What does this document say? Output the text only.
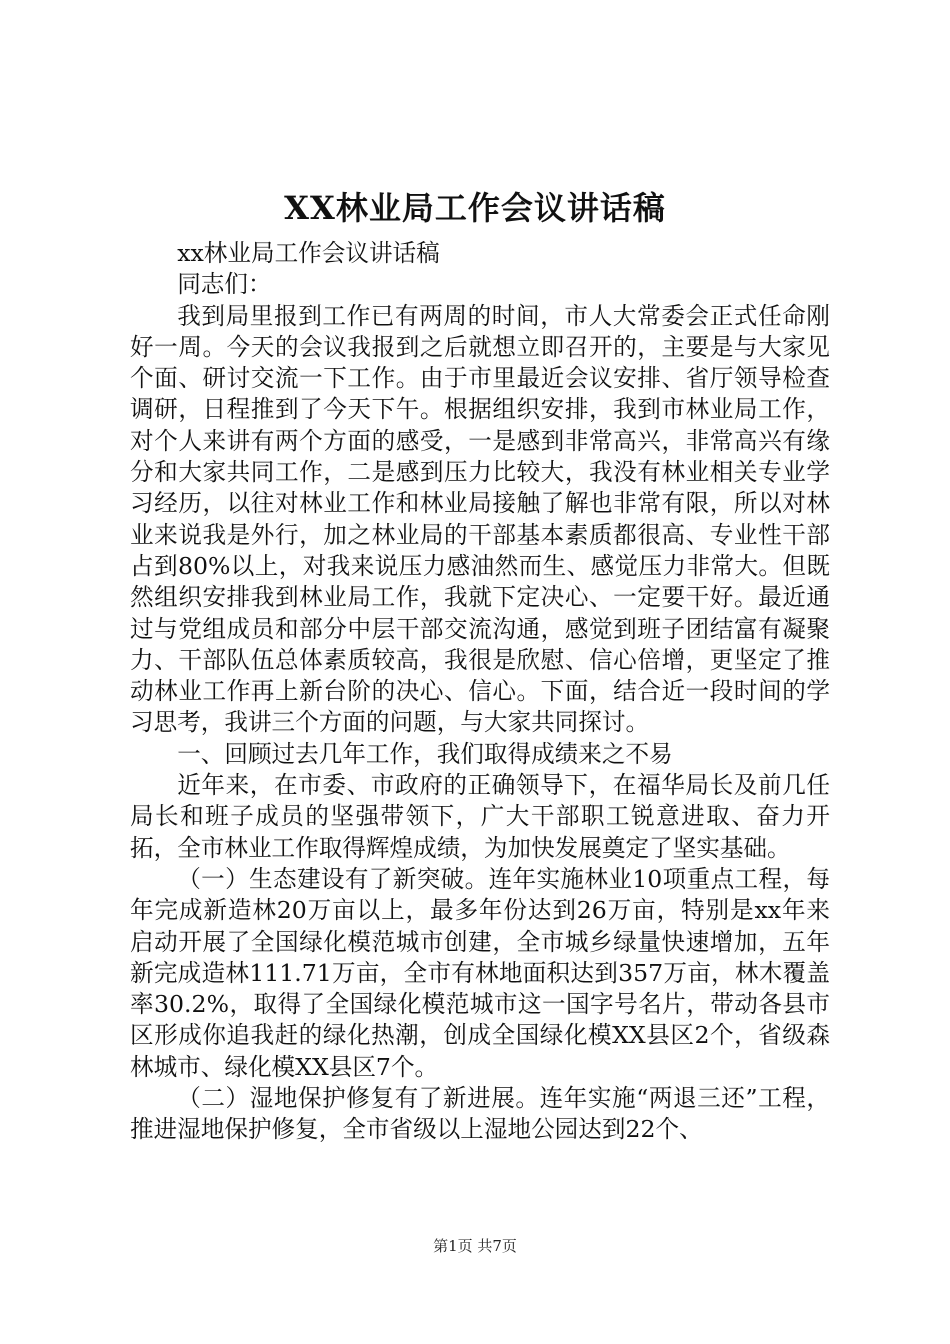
XX林业局工作会议讲话稿

xx林业局工作会议讲话稿

同志们：

我到局里报到工作已有两周的时间，市人大常委会正式任命刚好一周。今天的会议我报到之后就想立即召开的，主要是与大家见个面、研讨交流一下工作。由于市里最近会议安排、省厅领导检查调研，日程推到了今天下午。根据组织安排，我到市林业局工作，对个人来讲有两个方面的感受，一是感到非常高兴，非常高兴有缘分和大家共同工作，二是感到压力比较大，我没有林业相关专业学习经历，以往对林业工作和林业局接触了解也非常有限，所以对林业来说我是外行，加之林业局的干部基本素质都很高、专业性干部占到80%以上，对我来说压力感油然而生、感觉压力非常大。但既然组织安排我到林业局工作，我就下定决心、一定要干好。最近通过与党组成员和部分中层干部交流沟通，感觉到班子团结富有凝聚力、干部队伍总体素质较高，我很是欣慰、信心倍增，更坚定了推动林业工作再上新台阶的决心、信心。下面，结合近一段时间的学习思考，我讲三个方面的问题，与大家共同探讨。

一、回顾过去几年工作，我们取得成绩来之不易

近年来，在市委、市政府的正确领导下，在福华局长及前几任局长和班子成员的坚强带领下，广大干部职工锐意进取、奋力开拓，全市林业工作取得辉煌成绩，为加快发展奠定了坚实基础。

（一）生态建设有了新突破。连年实施林业10项重点工程，每年完成新造林20万亩以上，最多年份达到26万亩，特别是xx年来启动开展了全国绿化模范城市创建，全市城乡绿量快速增加，五年新完成造林111.71万亩，全市有林地面积达到357万亩，林木覆盖率30.2%，取得了全国绿化模范城市这一国字号名片，带动各县市区形成你追我赶的绿化热潮，创成全国绿化模XX县区2个，省级森林城市、绿化模XX县区7个。

（二）湿地保护修复有了新进展。连年实施“两退三还”工程，推进湿地保护修复，全市省级以上湿地公园达到22个、

第1页 共7页
